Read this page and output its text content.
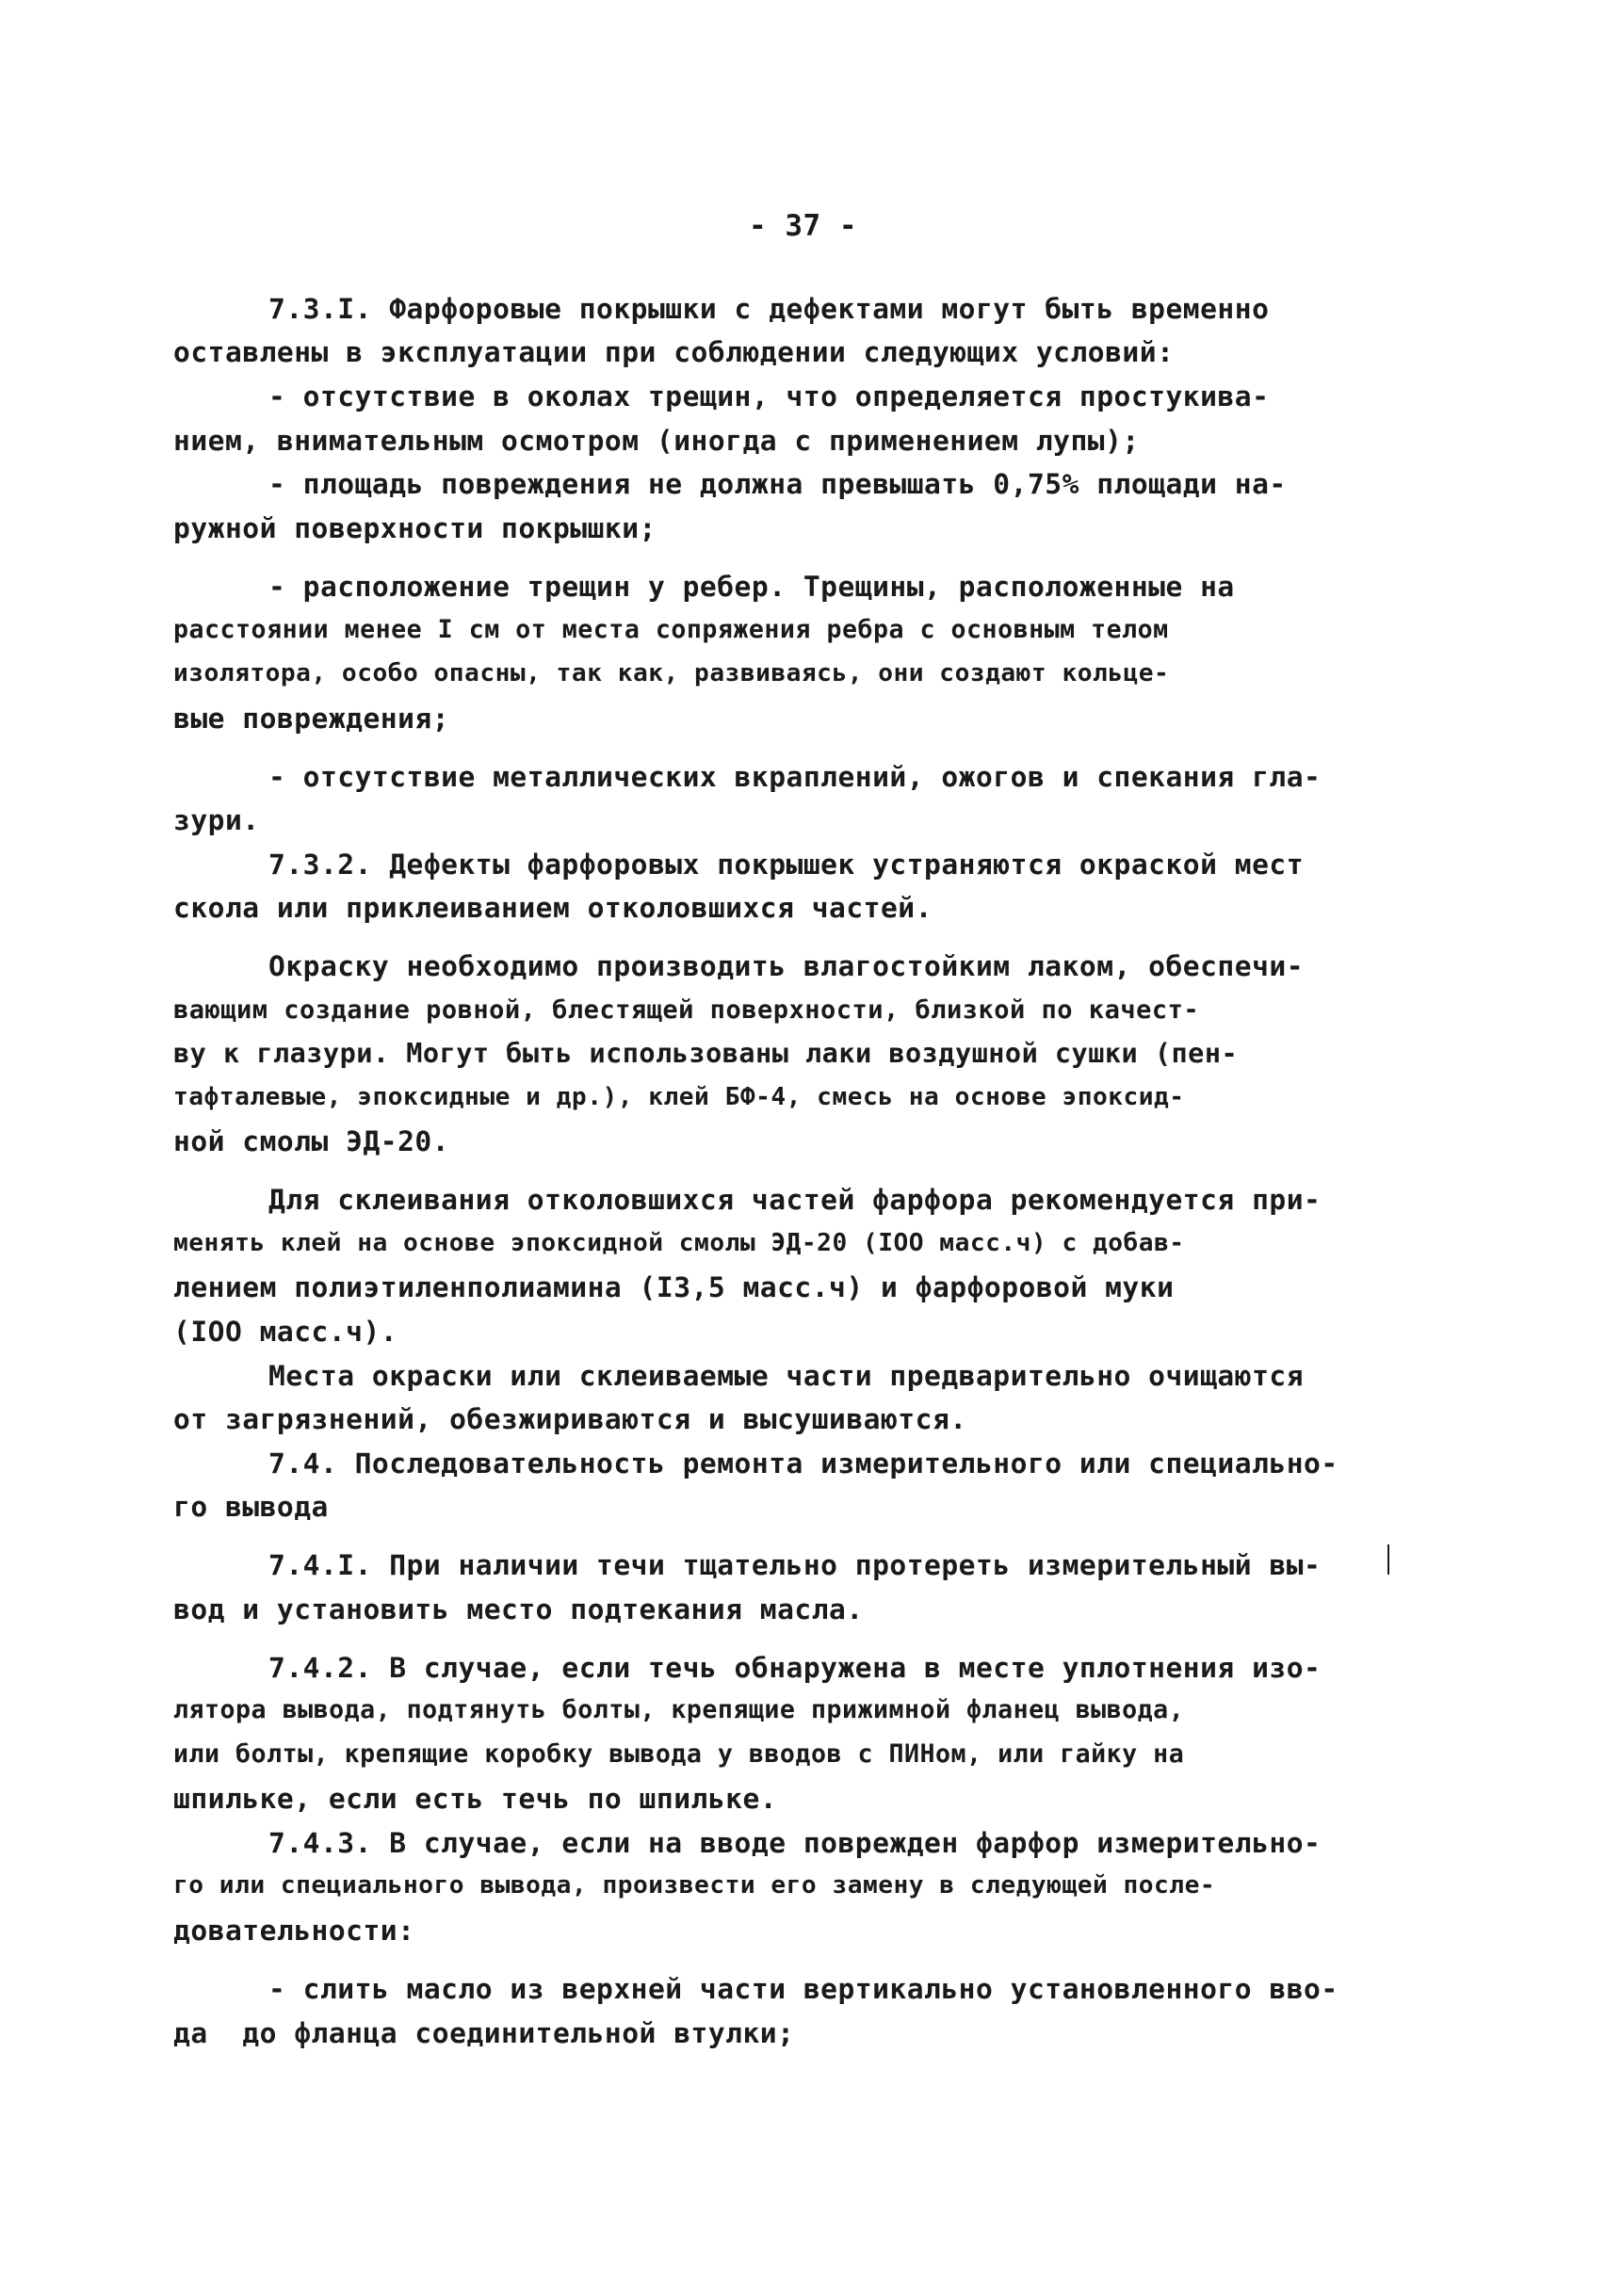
- 37 -
7.3.I. Фарфоровые покрышки с дефектами могут быть временно
оставлены в эксплуатации при соблюдении следующих условий:
- отсутствие в околах трещин, что определяется простукива-
нием, внимательным осмотром (иногда с применением лупы);
- площадь повреждения не должна превышать 0,75% площади на-
ружной поверхности покрышки;
- расположение трещин у ребер. Трещины, расположенные на
расстоянии менее I см от места сопряжения ребра с основным телом
изолятора, особо опасны, так как, развиваясь, они создают кольце-
вые повреждения;
- отсутствие металлических вкраплений, ожогов и спекания гла-
зури.
7.3.2. Дефекты фарфоровых покрышек устраняются окраской мест
скола или приклеиванием отколовшихся частей.
Окраску необходимо производить влагостойким лаком, обеспечи-
вающим создание ровной, блестящей поверхности, близкой по качест-
ву к глазури. Могут быть использованы лаки воздушной сушки (пен-
тафталевые, эпоксидные и др.), клей БФ-4, смесь на основе эпоксид-
ной смолы ЭД-20.
Для склеивания отколовшихся частей фарфора рекомендуется при-
менять клей на основе эпоксидной смолы ЭД-20 (IOO масс.ч) с добав-
лением полиэтиленполиамина (I3,5 масс.ч) и фарфоровой муки
(IOO масс.ч).
Места окраски или склеиваемые части предварительно очищаются
от загрязнений, обезжириваются и высушиваются.
7.4. Последовательность ремонта измерительного или специально-
го вывода
7.4.I. При наличии течи тщательно протереть измерительный вы-
вод и установить место подтекания масла.
7.4.2. В случае, если течь обнаружена в месте уплотнения изо-
лятора вывода, подтянуть болты, крепящие прижимной фланец вывода,
или болты, крепящие коробку вывода у вводов с ПИНом, или гайку на
шпильке, если есть течь по шпильке.
7.4.3. В случае, если на вводе поврежден фарфор измерительно-
го или специального вывода, произвести его замену в следующей после-
довательности:
- слить масло из верхней части вертикально установленного вво-
да  до фланца соединительной втулки;
